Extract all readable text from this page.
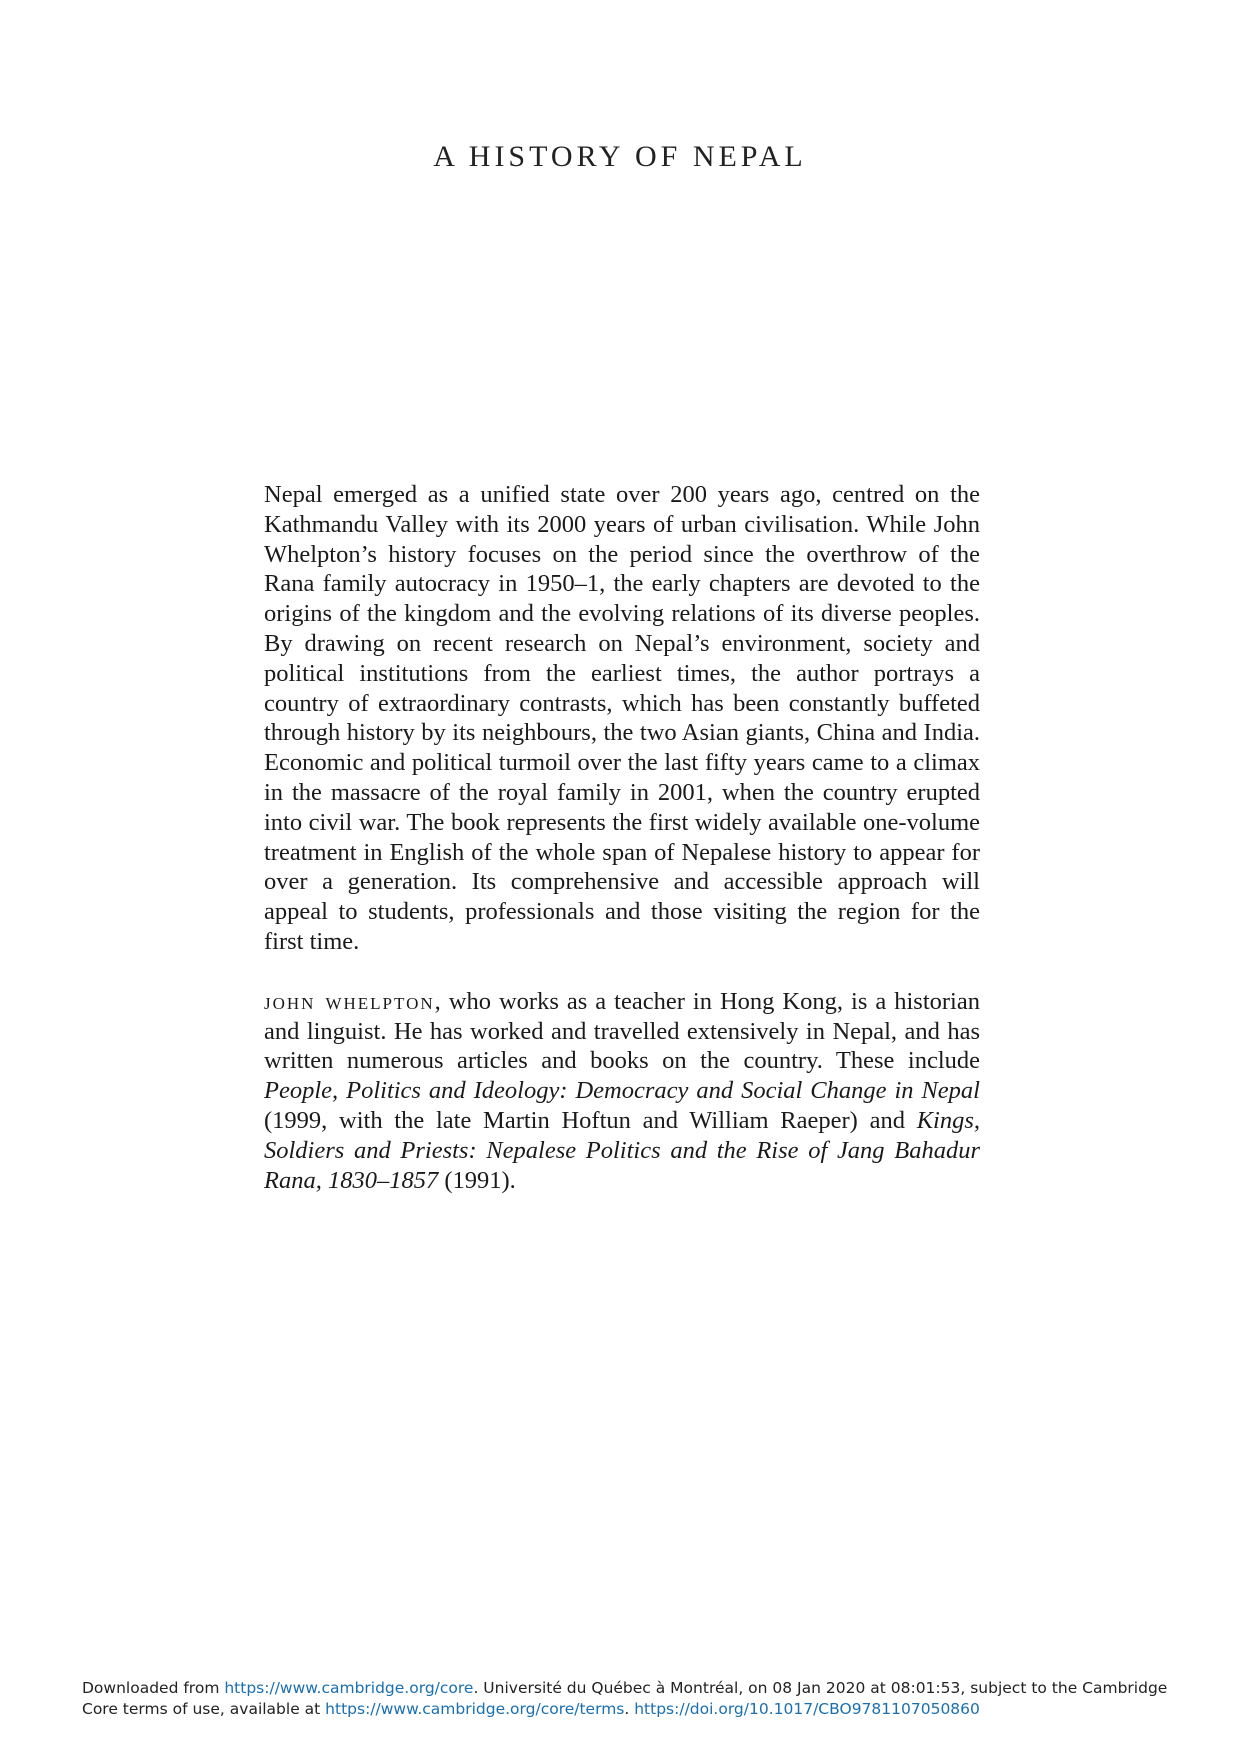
A HISTORY OF NEPAL

Nepal emerged as a unified state over 200 years ago, centred on the Kathmandu Valley with its 2000 years of urban civilisation. While John Whelpton’s history focuses on the period since the overthrow of the Rana family autocracy in 1950–1, the early chapters are devoted to the origins of the kingdom and the evolving relations of its diverse peoples. By drawing on recent research on Nepal’s environment, society and political institutions from the earliest times, the author portrays a country of extraordinary contrasts, which has been constantly buffeted through history by its neighbours, the two Asian giants, China and India. Economic and political turmoil over the last fifty years came to a climax in the massacre of the royal family in 2001, when the country erupted into civil war. The book represents the first widely available one-volume treatment in English of the whole span of Nepalese history to appear for over a generation. Its comprehensive and accessible approach will appeal to students, professionals and those visiting the region for the first time.

john whelpton, who works as a teacher in Hong Kong, is a historian and linguist. He has worked and travelled extensively in Nepal, and has written numerous articles and books on the country. These include People, Politics and Ideology: Democracy and Social Change in Nepal (1999, with the late Martin Hoftun and William Raeper) and Kings, Soldiers and Priests: Nepalese Politics and the Rise of Jang Bahadur Rana, 1830–1857 (1991).

Downloaded from https://www.cambridge.org/core. Université du Québec à Montréal, on 08 Jan 2020 at 08:01:53, subject to the Cambridge Core terms of use, available at https://www.cambridge.org/core/terms. https://doi.org/10.1017/CBO9781107050860
